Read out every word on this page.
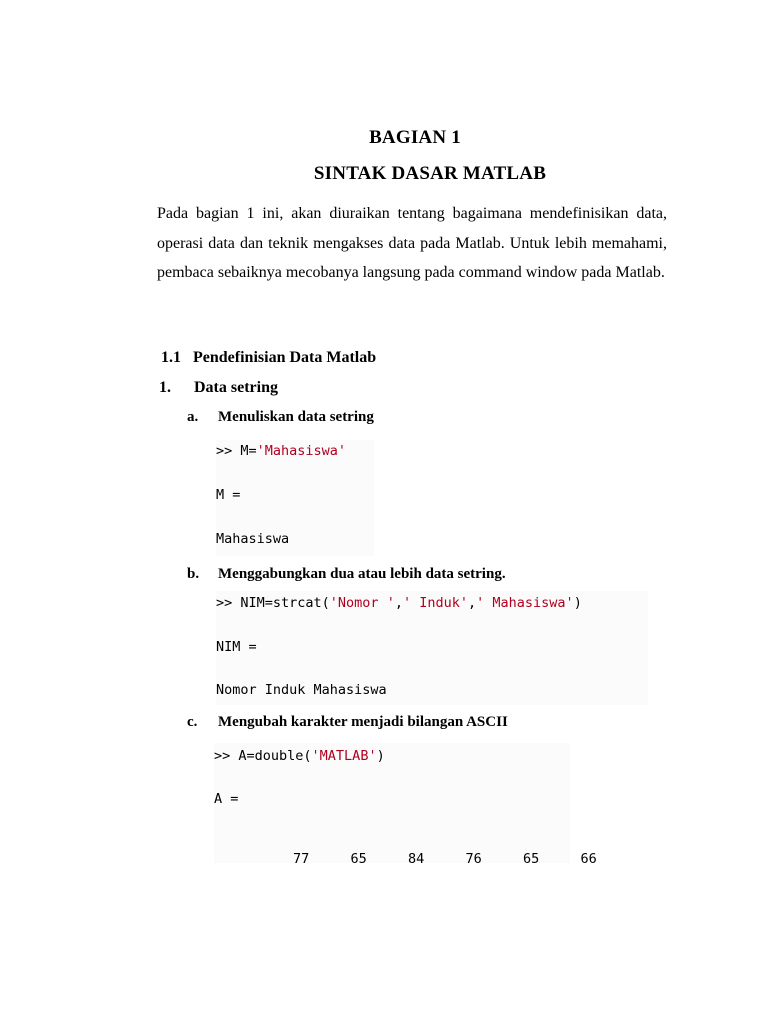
BAGIAN 1
SINTAK DASAR MATLAB

Pada bagian 1 ini, akan diuraikan tentang bagaimana mendefinisikan data, operasi data dan teknik mengakses data pada Matlab. Untuk lebih memahami, pembaca sebaiknya mecobanya langsung pada command window pada Matlab.

1.1 Pendefinisian Data Matlab
1. Data setring
a. Menuliskan data setring
>> M='Mahasiswa'
M =
Mahasiswa
b. Menggabungkan dua atau lebih data setring.
>> NIM=strcat('Nomor ',' Induk',' Mahasiswa')
NIM =
Nomor Induk Mahasiswa
c. Mengubah karakter menjadi bilangan ASCII
>> A=double('MATLAB')
A =

77	65	84	76	65	66
